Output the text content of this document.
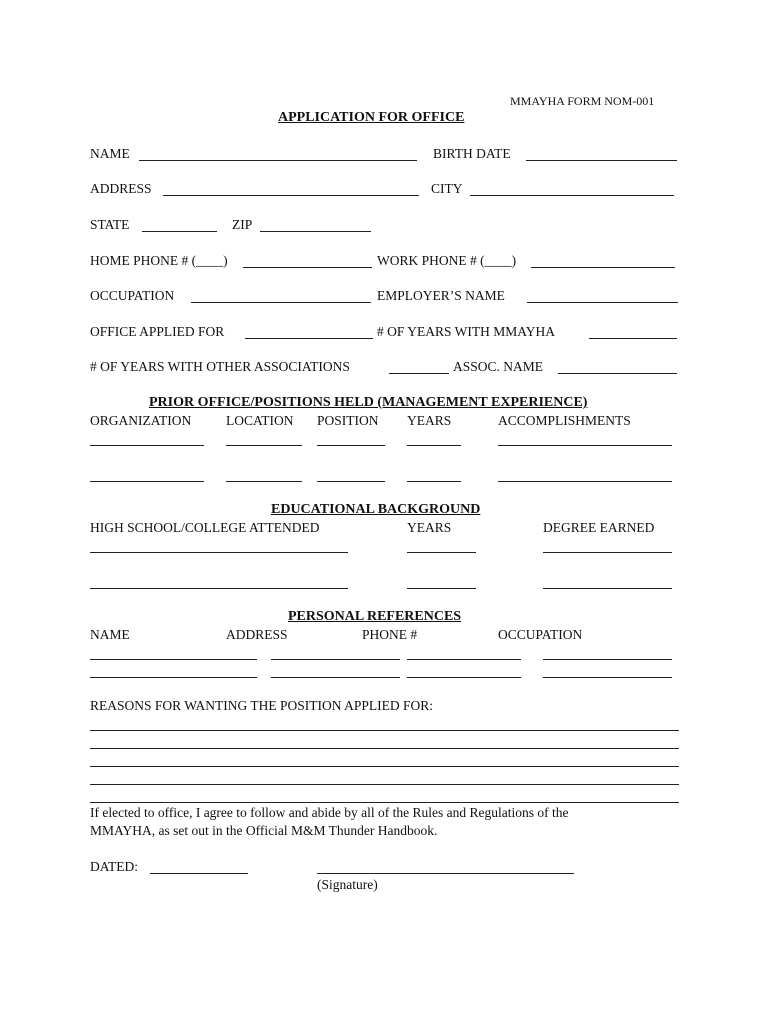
MMAYHA FORM NOM-001
APPLICATION FOR OFFICE
NAME	BIRTH DATE
ADDRESS	CITY
STATE	ZIP
HOME PHONE # (____)	WORK PHONE # (____)
OCCUPATION	EMPLOYER’S NAME
OFFICE APPLIED FOR	# OF YEARS WITH MMAYHA
# OF YEARS WITH OTHER ASSOCIATIONS	ASSOC. NAME
PRIOR OFFICE/POSITIONS HELD (MANAGEMENT EXPERIENCE)
ORGANIZATION	LOCATION POSITION YEARS	ACCOMPLISHMENTS
EDUCATIONAL BACKGROUND
HIGH SCHOOL/COLLEGE ATTENDED	YEARS	DEGREE EARNED
PERSONAL REFERENCES
NAME	ADDRESS	PHONE #	OCCUPATION
REASONS FOR WANTING THE POSITION APPLIED FOR:
If elected to office, I agree to follow and abide by all of the Rules and Regulations of the
MMAYHA, as set out in the Official M&M Thunder Handbook.
DATED:
(Signature)
